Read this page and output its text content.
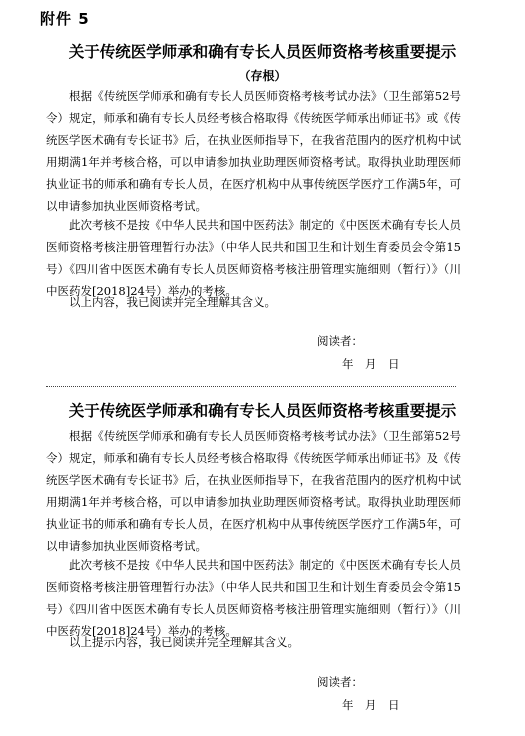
附件 5
关于传统医学师承和确有专长人员医师资格考核重要提示
（存根）

根据《传统医学师承和确有专长人员医师资格考核考试办法》（卫生部第52号令）规定，师承和确有专长人员经考核合格取得《传统医学师承出师证书》或《传统医学医术确有专长证书》后，在执业医师指导下，在我省范围内的医疗机构中试用期满1年并考核合格，可以申请参加执业助理医师资格考试。取得执业助理医师执业证书的师承和确有专长人员，在医疗机构中从事传统医学医疗工作满5年，可以申请参加执业医师资格考试。

此次考核不是按《中华人民共和国中医药法》制定的《中医医术确有专长人员医师资格考核注册管理暂行办法》（中华人民共和国卫生和计划生育委员会令第15号）《四川省中医医术确有专长人员医师资格考核注册管理实施细则（暂行）》（川中医药发[2018]24号）举办的考核。

以上内容，我已阅读并完全理解其含义。

阅读者：
年　月　日
关于传统医学师承和确有专长人员医师资格考核重要提示

根据《传统医学师承和确有专长人员医师资格考核考试办法》（卫生部第52号令）规定，师承和确有专长人员经考核合格取得《传统医学师承出师证书》及《传统医学医术确有专长证书》后，在执业医师指导下，在我省范围内的医疗机构中试用期满1年并考核合格，可以申请参加执业助理医师资格考试。取得执业助理医师执业证书的师承和确有专长人员，在医疗机构中从事传统医学医疗工作满5年，可以申请参加执业医师资格考试。

此次考核不是按《中华人民共和国中医药法》制定的《中医医术确有专长人员医师资格考核注册管理暂行办法》（中华人民共和国卫生和计划生育委员会令第15号）《四川省中医医术确有专长人员医师资格考核注册管理实施细则（暂行）》（川中医药发[2018]24号）举办的考核。

以上提示内容，我已阅读并完全理解其含义。

阅读者：
年　月　日
